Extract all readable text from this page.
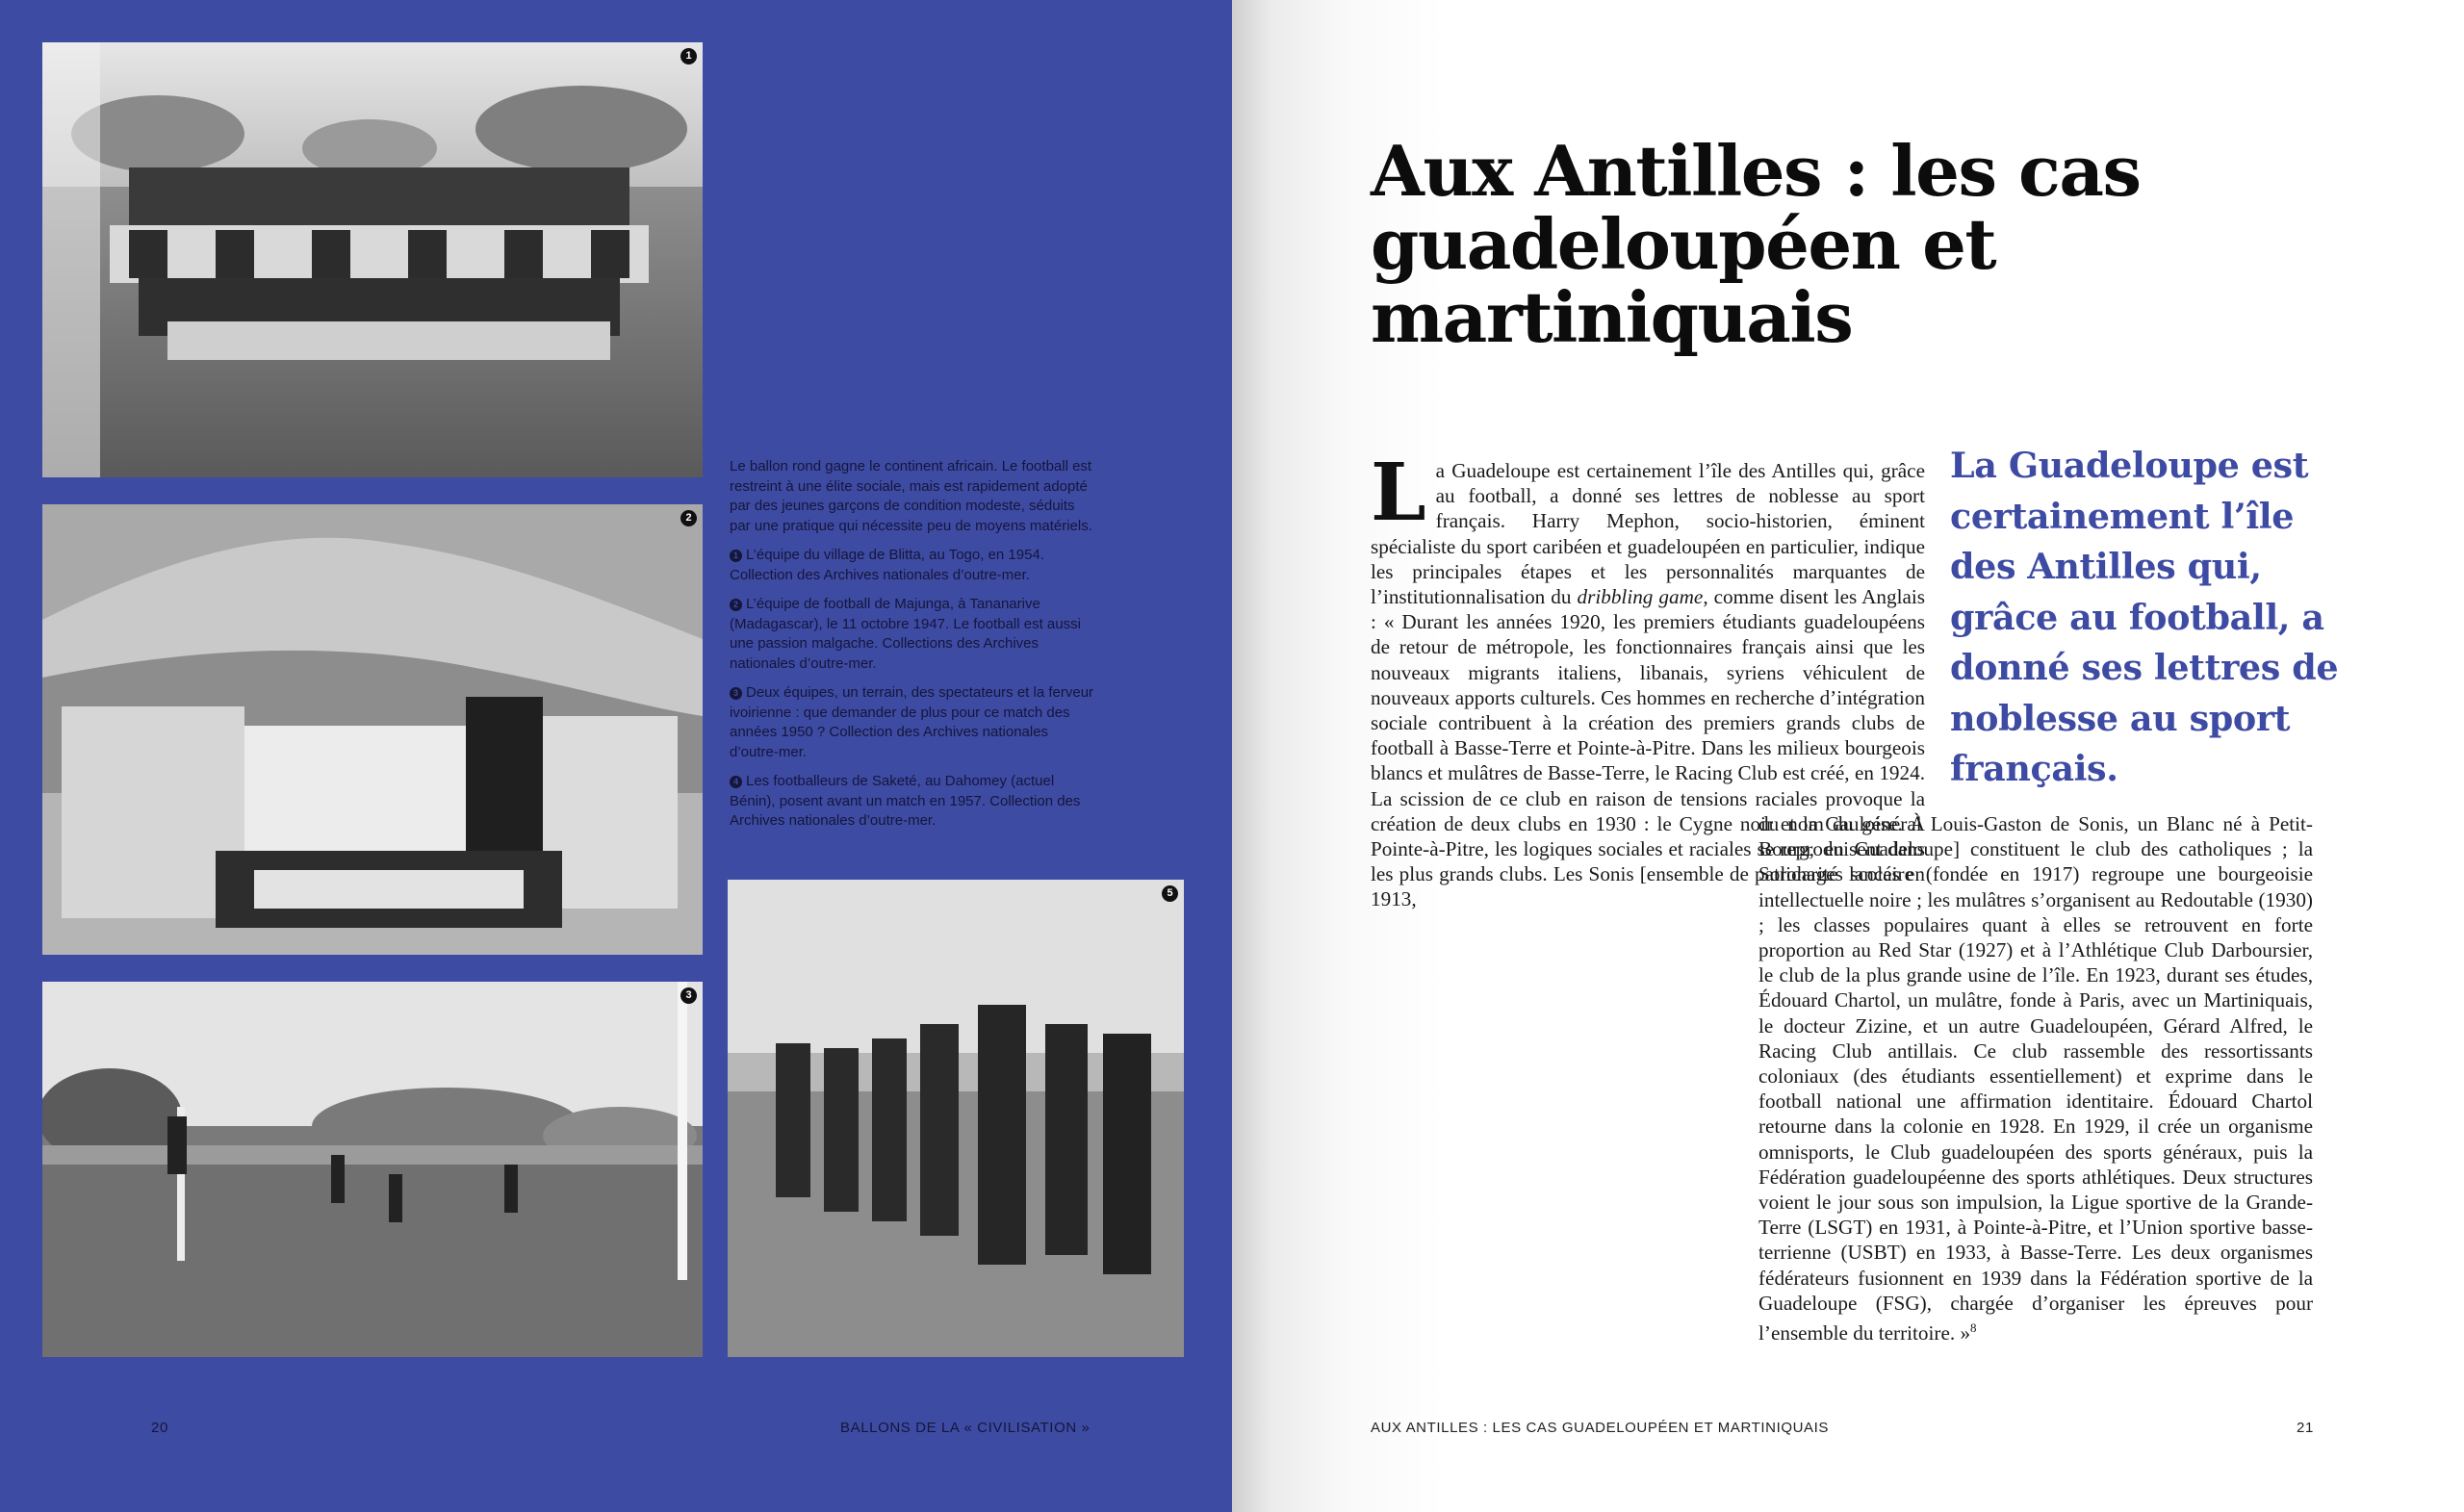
1
2
3
5

Le ballon rond gagne le continent africain. Le football est restreint à une élite sociale, mais est rapidement adopté par des jeunes garçons de condition modeste, séduits par une pratique qui nécessite peu de moyens matériels.

1 L’équipe du village de Blitta, au Togo, en 1954. Collection des Archives nationales d’outre-mer.

2 L’équipe de football de Majunga, à Tananarive (Madagascar), le 11 octobre 1947. Le football est aussi une passion malgache. Collections des Archives nationales d’outre-mer.

3 Deux équipes, un terrain, des spectateurs et la ferveur ivoirienne : que demander de plus pour ce match des années 1950 ? Collection des Archives nationales d’outre-mer.

4 Les footballeurs de Saketé, au Dahomey (actuel Bénin), posent avant un match en 1957. Collection des Archives nationales d’outre-mer.

20	BALLONS DE LA « CIVILISATION »
Aux Antilles : les cas guadeloupéen et martiniquais

La Guadeloupe est certainement l’île des Antilles qui, grâce au football, a donné ses lettres de noblesse au sport français. Harry Mephon, socio-historien, éminent spécialiste du sport caribéen et guadeloupéen en particulier, indique les principales étapes et les personnalités marquantes de l’institutionnalisation du dribbling game, comme disent les Anglais : « Durant les années 1920, les premiers étudiants guadeloupéens de retour de métropole, les fonctionnaires français ainsi que les nouveaux migrants italiens, libanais, syriens véhiculent de nouveaux apports culturels. Ces hommes en recherche d’intégration sociale contribuent à la création des premiers grands clubs de football à Basse-Terre et Pointe-à-Pitre. Dans les milieux bourgeois blancs et mulâtres de Basse-Terre, le Racing Club est créé, en 1924. La scission de ce club en raison de tensions raciales provoque la création de deux clubs en 1930 : le Cygne noir et la Gauloise. À Pointe-à-Pitre, les logiques sociales et raciales se reproduisent dans les plus grands clubs. Les Sonis [ensemble de patronages lancés en 1913,

La Guadeloupe est certainement l’île des Antilles qui, grâce au football, a donné ses lettres de noblesse au sport français.

du nom du général Louis-Gaston de Sonis, un Blanc né à Petit-Bourg, en Guadeloupe] constituent le club des catholiques ; la Solidarité scolaire (fondée en 1917) regroupe une bourgeoisie intellectuelle noire ; les mulâtres s’organisent au Redoutable (1930) ; les classes populaires quant à elles se retrouvent en forte proportion au Red Star (1927) et à l’Athlétique Club Darboursier, le club de la plus grande usine de l’île. En 1923, durant ses études, Édouard Chartol, un mulâtre, fonde à Paris, avec un Martiniquais, le docteur Zizine, et un autre Guadeloupéen, Gérard Alfred, le Racing Club antillais. Ce club rassemble des ressortissants coloniaux (des étudiants essentiellement) et exprime dans le football national une affirmation identitaire. Édouard Chartol retourne dans la colonie en 1928. En 1929, il crée un organisme omnisports, le Club guadeloupéen des sports généraux, puis la Fédération guadeloupéenne des sports athlétiques. Deux structures voient le jour sous son impulsion, la Ligue sportive de la Grande-Terre (LSGT) en 1931, à Pointe-à-Pitre, et l’Union sportive basse-terrienne (USBT) en 1933, à Basse-Terre. Les deux organismes fédérateurs fusionnent en 1939 dans la Fédération sportive de la Guadeloupe (FSG), chargée d’organiser les épreuves pour l’ensemble du territoire. »$^8$

AUX ANTILLES : LES CAS GUADELOUPÉEN ET MARTINIQUAIS	21
